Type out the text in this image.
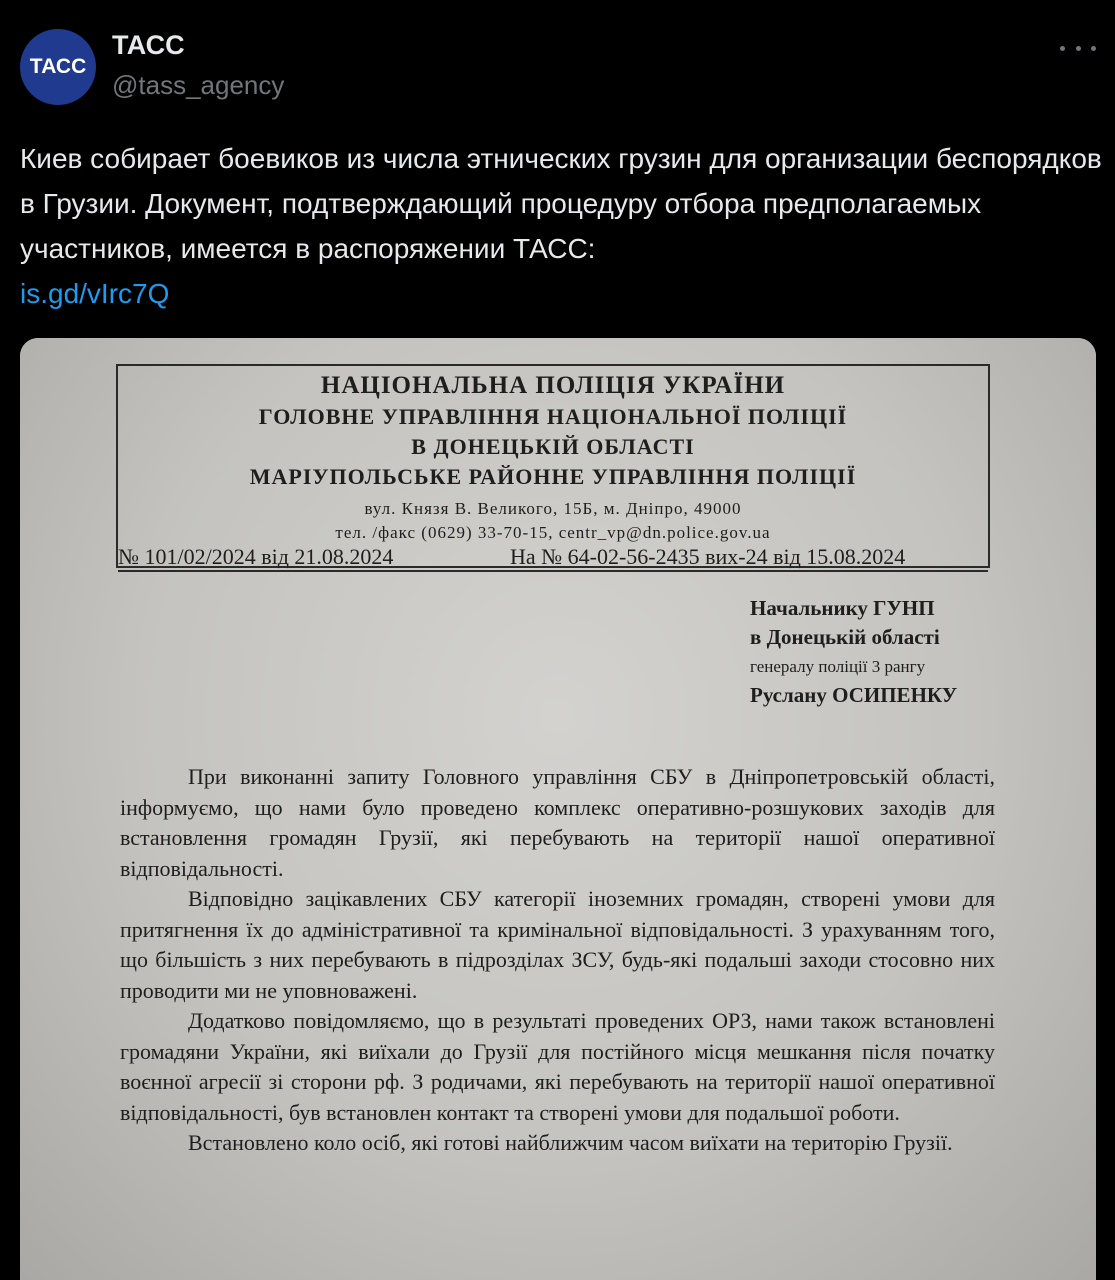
ТАСС
ТАСС
@tass_agency
Киев собирает боевиков из числа этнических грузин для организации беспорядков в Грузии. Документ, подтверждающий процедуру отбора предполагаемых участников, имеется в распоряжении ТАСС:
is.gd/vIrc7Q
НАЦІОНАЛЬНА ПОЛІЦІЯ УКРАЇНИ
ГОЛОВНЕ УПРАВЛІННЯ НАЦІОНАЛЬНОЇ ПОЛІЦІЇ
В ДОНЕЦЬКІЙ ОБЛАСТІ
МАРІУПОЛЬСЬКЕ РАЙОННЕ УПРАВЛІННЯ ПОЛІЦІЇ
вул. Князя В. Великого, 15Б, м. Дніпро, 49000
тел. /факс (0629) 33-70-15, centr_vp@dn.police.gov.ua
№ 101/02/2024 від 21.08.2024	На № 64-02-56-2435 вих-24 від 15.08.2024
Начальнику ГУНП
в Донецькій області
генералу поліції 3 рангу
Руслану ОСИПЕНКУ

При виконанні запиту Головного управління СБУ в Дніпропетровській області, інформуємо, що нами було проведено комплекс оперативно-розшукових заходів для встановлення громадян Грузії, які перебувають на території нашої оперативної відповідальності.

Відповідно зацікавлених СБУ категорії іноземних громадян, створені умови для притягнення їх до адміністративної та кримінальної відповідальності. З урахуванням того, що більшість з них перебувають в підрозділах ЗСУ, будь-які подальші заходи стосовно них проводити ми не уповноважені.

Додатково повідомляємо, що в результаті проведених ОРЗ, нами також встановлені громадяни України, які виїхали до Грузії для постійного місця мешкання після початку воєнної агресії зі сторони рф. З родичами, які перебувають на території нашої оперативної відповідальності, був встановлен контакт та створені умови для подальшої роботи.

Встановлено коло осіб, які готові найближчим часом виїхати на територію Грузії.
